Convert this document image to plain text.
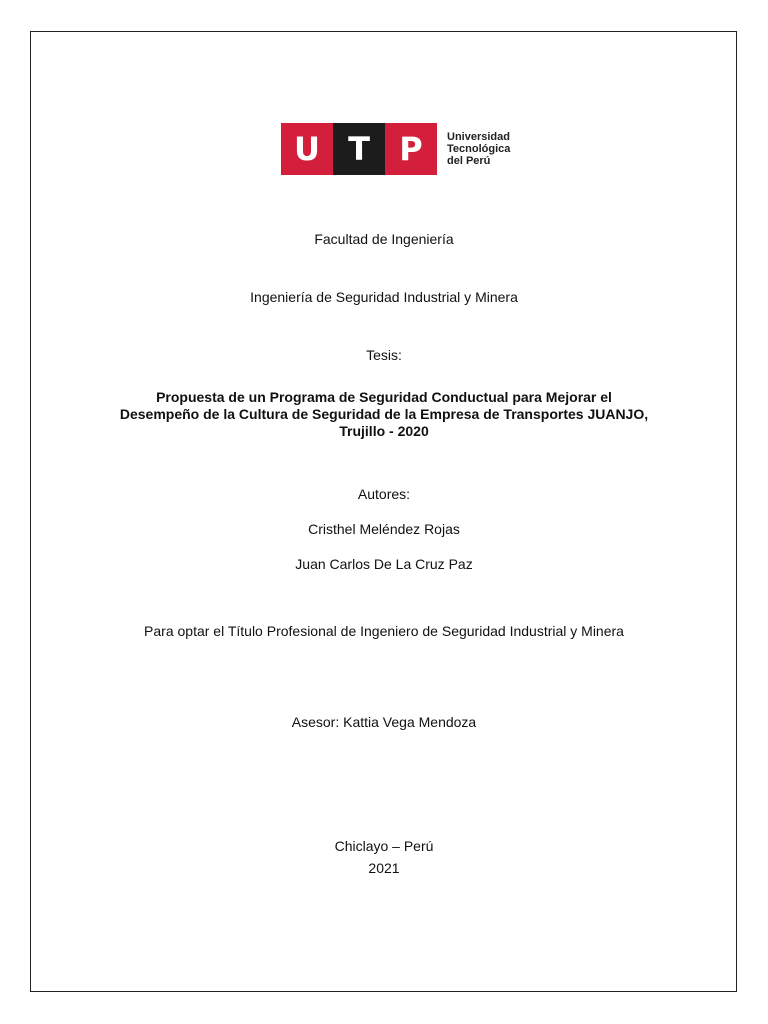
U T P	Universidad
Tecnológica
del Perú
Facultad de Ingeniería
Ingeniería de Seguridad Industrial y Minera
Tesis:
Propuesta de un Programa de Seguridad Conductual para Mejorar el
Desempeño de la Cultura de Seguridad de la Empresa de Transportes JUANJO,
Trujillo - 2020
Autores:
Cristhel Meléndez Rojas
Juan Carlos De La Cruz Paz
Para optar el Título Profesional de Ingeniero de Seguridad Industrial y Minera
Asesor: Kattia Vega Mendoza
Chiclayo – Perú
2021
